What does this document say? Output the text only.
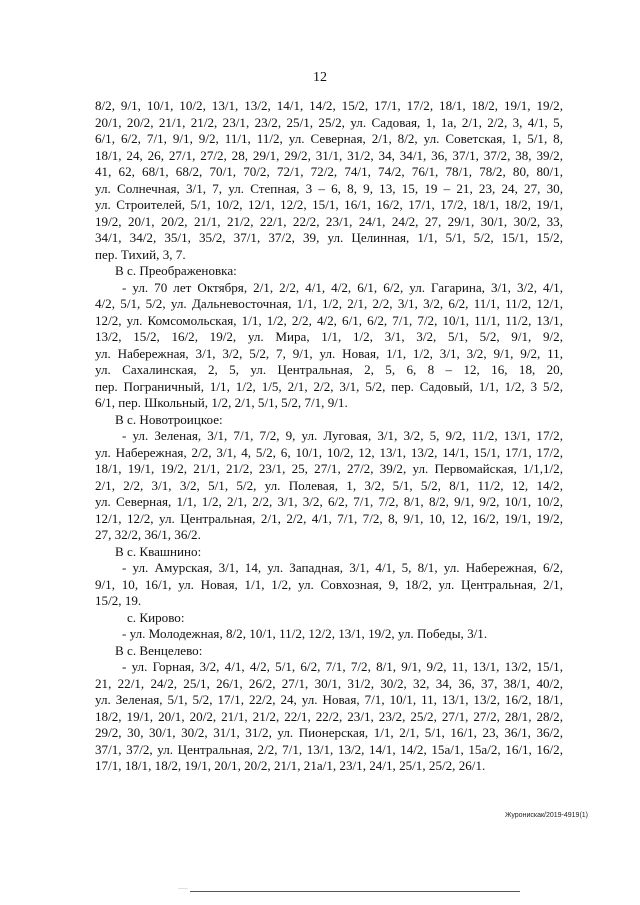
12
8/2, 9/1, 10/1, 10/2, 13/1, 13/2, 14/1, 14/2, 15/2, 17/1, 17/2, 18/1, 18/2, 19/1, 19/2,
20/1, 20/2, 21/1, 21/2, 23/1, 23/2, 25/1, 25/2, ул. Садовая, 1, 1а, 2/1, 2/2, 3, 4/1, 5,
6/1, 6/2, 7/1, 9/1, 9/2, 11/1, 11/2, ул. Северная, 2/1, 8/2, ул. Советская, 1, 5/1, 8,
18/1, 24, 26, 27/1, 27/2, 28, 29/1, 29/2, 31/1, 31/2, 34, 34/1, 36, 37/1, 37/2, 38, 39/2,
41, 62, 68/1, 68/2, 70/1, 70/2, 72/1, 72/2, 74/1, 74/2, 76/1, 78/1, 78/2, 80, 80/1,
ул. Солнечная, 3/1, 7, ул. Степная, 3 – 6, 8, 9, 13, 15, 19 – 21, 23, 24, 27, 30,
ул. Строителей, 5/1, 10/2, 12/1, 12/2, 15/1, 16/1, 16/2, 17/1, 17/2, 18/1, 18/2, 19/1,
19/2, 20/1, 20/2, 21/1, 21/2, 22/1, 22/2, 23/1, 24/1, 24/2, 27, 29/1, 30/1, 30/2, 33,
34/1, 34/2, 35/1, 35/2, 37/1, 37/2, 39, ул. Целинная, 1/1, 5/1, 5/2, 15/1, 15/2,
пер. Тихий, 3, 7.
В с. Преображеновка:
- ул. 70 лет Октября, 2/1, 2/2, 4/1, 4/2, 6/1, 6/2, ул. Гагарина, 3/1, 3/2, 4/1,
4/2, 5/1, 5/2, ул. Дальневосточная, 1/1, 1/2, 2/1, 2/2, 3/1, 3/2, 6/2, 11/1, 11/2, 12/1,
12/2, ул. Комсомольская, 1/1, 1/2, 2/2, 4/2, 6/1, 6/2, 7/1, 7/2, 10/1, 11/1, 11/2, 13/1,
13/2, 15/2, 16/2, 19/2, ул. Мира, 1/1, 1/2, 3/1, 3/2, 5/1, 5/2, 9/1, 9/2,
ул. Набережная, 3/1, 3/2, 5/2, 7, 9/1, ул. Новая, 1/1, 1/2, 3/1, 3/2, 9/1, 9/2, 11,
ул. Сахалинская, 2, 5, ул. Центральная, 2, 5, 6, 8 – 12, 16, 18, 20,
пер. Пограничный, 1/1, 1/2, 1/5, 2/1, 2/2, 3/1, 5/2, пер. Садовый, 1/1, 1/2, 3 5/2,
6/1, пер. Школьный, 1/2, 2/1, 5/1, 5/2, 7/1, 9/1.
В с. Новотроицкое:
- ул. Зеленая, 3/1, 7/1, 7/2, 9, ул. Луговая, 3/1, 3/2, 5, 9/2, 11/2, 13/1, 17/2,
ул. Набережная, 2/2, 3/1, 4, 5/2, 6, 10/1, 10/2, 12, 13/1, 13/2, 14/1, 15/1, 17/1, 17/2,
18/1, 19/1, 19/2, 21/1, 21/2, 23/1, 25, 27/1, 27/2, 39/2, ул. Первомайская, 1/1,1/2,
2/1, 2/2, 3/1, 3/2, 5/1, 5/2, ул. Полевая, 1, 3/2, 5/1, 5/2, 8/1, 11/2, 12, 14/2,
ул. Северная, 1/1, 1/2, 2/1, 2/2, 3/1, 3/2, 6/2, 7/1, 7/2, 8/1, 8/2, 9/1, 9/2, 10/1, 10/2,
12/1, 12/2, ул. Центральная, 2/1, 2/2, 4/1, 7/1, 7/2, 8, 9/1, 10, 12, 16/2, 19/1, 19/2,
27, 32/2, 36/1, 36/2.
В с. Квашнино:
- ул. Амурская, 3/1, 14, ул. Западная, 3/1, 4/1, 5, 8/1, ул. Набережная, 6/2,
9/1, 10, 16/1, ул. Новая, 1/1, 1/2, ул. Совхозная, 9, 18/2, ул. Центральная, 2/1,
15/2, 19.
с. Кирово:
- ул. Молодежная, 8/2, 10/1, 11/2, 12/2, 13/1, 19/2, ул. Победы, 3/1.
В с. Венцелево:
- ул. Горная, 3/2, 4/1, 4/2, 5/1, 6/2, 7/1, 7/2, 8/1, 9/1, 9/2, 11, 13/1, 13/2, 15/1,
21, 22/1, 24/2, 25/1, 26/1, 26/2, 27/1, 30/1, 31/2, 30/2, 32, 34, 36, 37, 38/1, 40/2,
ул. Зеленая, 5/1, 5/2, 17/1, 22/2, 24, ул. Новая, 7/1, 10/1, 11, 13/1, 13/2, 16/2, 18/1,
18/2, 19/1, 20/1, 20/2, 21/1, 21/2, 22/1, 22/2, 23/1, 23/2, 25/2, 27/1, 27/2, 28/1, 28/2,
29/2, 30, 30/1, 30/2, 31/1, 31/2, ул. Пионерская, 1/1, 2/1, 5/1, 16/1, 23, 36/1, 36/2,
37/1, 37/2, ул. Центральная, 2/2, 7/1, 13/1, 13/2, 14/1, 14/2, 15а/1, 15а/2, 16/1, 16/2,
17/1, 18/1, 18/2, 19/1, 20/1, 20/2, 21/1, 21а/1, 23/1, 24/1, 25/1, 25/2, 26/1.
Журонискак/2019-4919(1)
·····
